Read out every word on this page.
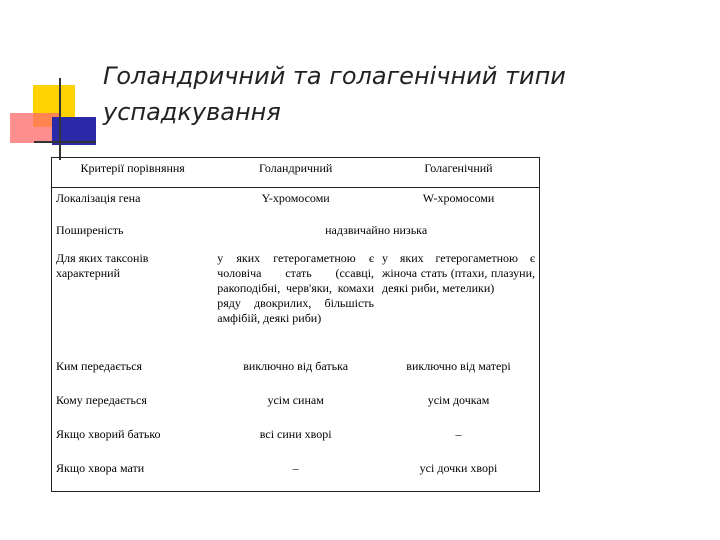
Голандричний та голагенічний типи успадкування
Критерії порівняння	Голандричний	Голагенічний
Локалізація гена	Y-хромосоми	W-хромосоми
Поширеність	надзвичайно низька	
Для яких таксонів характерний	у яких гетерогаметною є чоловіча стать (ссавці, ракоподібні, черв'яки, комахи ряду двокрилих, більшість амфібій, деякі риби)	у яких гетерогаметною є жіноча стать (птахи, плазуни, деякі риби, метелики)
Ким передається	виключно від батька	виключно від матері
Кому передається	усім синам	усім дочкам
Якщо хворий батько	всі сини хворі	–
Якщо хвора мати	–	усі дочки хворі
